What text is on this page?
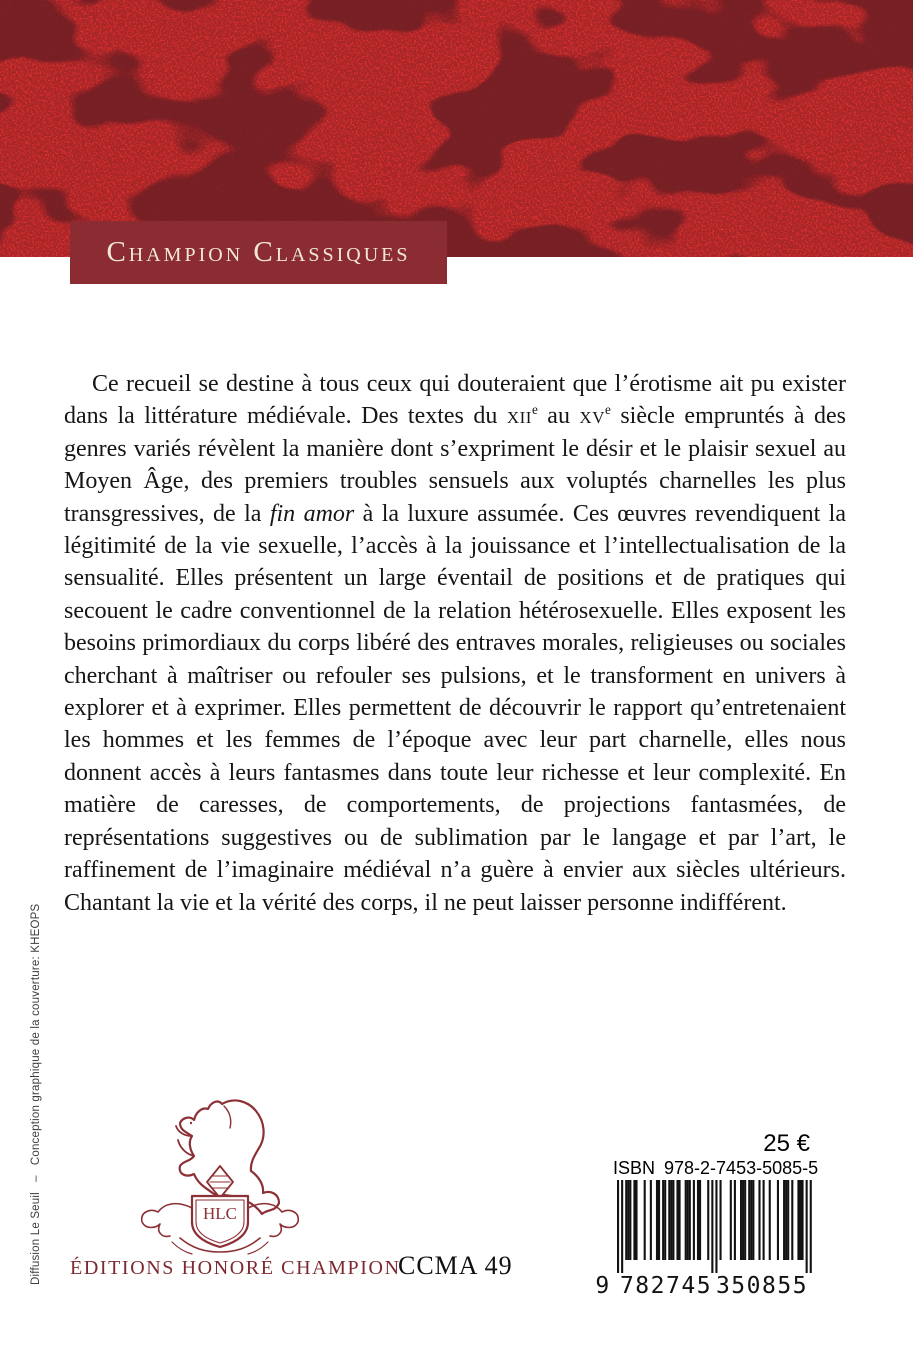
Champion Classiques

Ce recueil se destine à tous ceux qui douteraient que l’érotisme ait pu exister dans la littérature médiévale. Des textes du xii$^e$ au $xv^e$ siècle empruntés à des genres variés révèlent la manière dont s’expriment le désir et le plaisir sexuel au Moyen Âge, des premiers troubles sensuels aux voluptés charnelles les plus transgressives, de la fin amor à la luxure assumée. Ces œuvres revendiquent la légitimité de la vie sexuelle, l’accès à la jouissance et l’intellectualisation de la sensualité. Elles présentent un large éventail de positions et de pratiques qui secouent le cadre conventionnel de la relation hétérosexuelle. Elles exposent les besoins primordiaux du corps libéré des entraves morales, religieuses ou sociales cherchant à maîtriser ou refouler ses pulsions, et le transforment en univers à explorer et à exprimer. Elles permettent de découvrir le rapport qu’entretenaient les hommes et les femmes de l’époque avec leur part charnelle, elles nous donnent accès à leurs fantasmes dans toute leur richesse et leur complexité. En matière de caresses, de comportements, de projections fantasmées, de représentations suggestives ou de sublimation par le langage et par l’art, le raffinement de l’imaginaire médiéval n’a guère à envier aux siècles ultérieurs. Chantant la vie et la vérité des corps, il ne peut laisser personne indifférent.

Diffusion Le Seuil   –   Conception graphique de la couverture: KHEOPS	HLC
ÉDITIONS HONORÉ CHAMPION
CCMA 49
25 €
ISBN 978-2-7453-5085-5
9 782745 350855
